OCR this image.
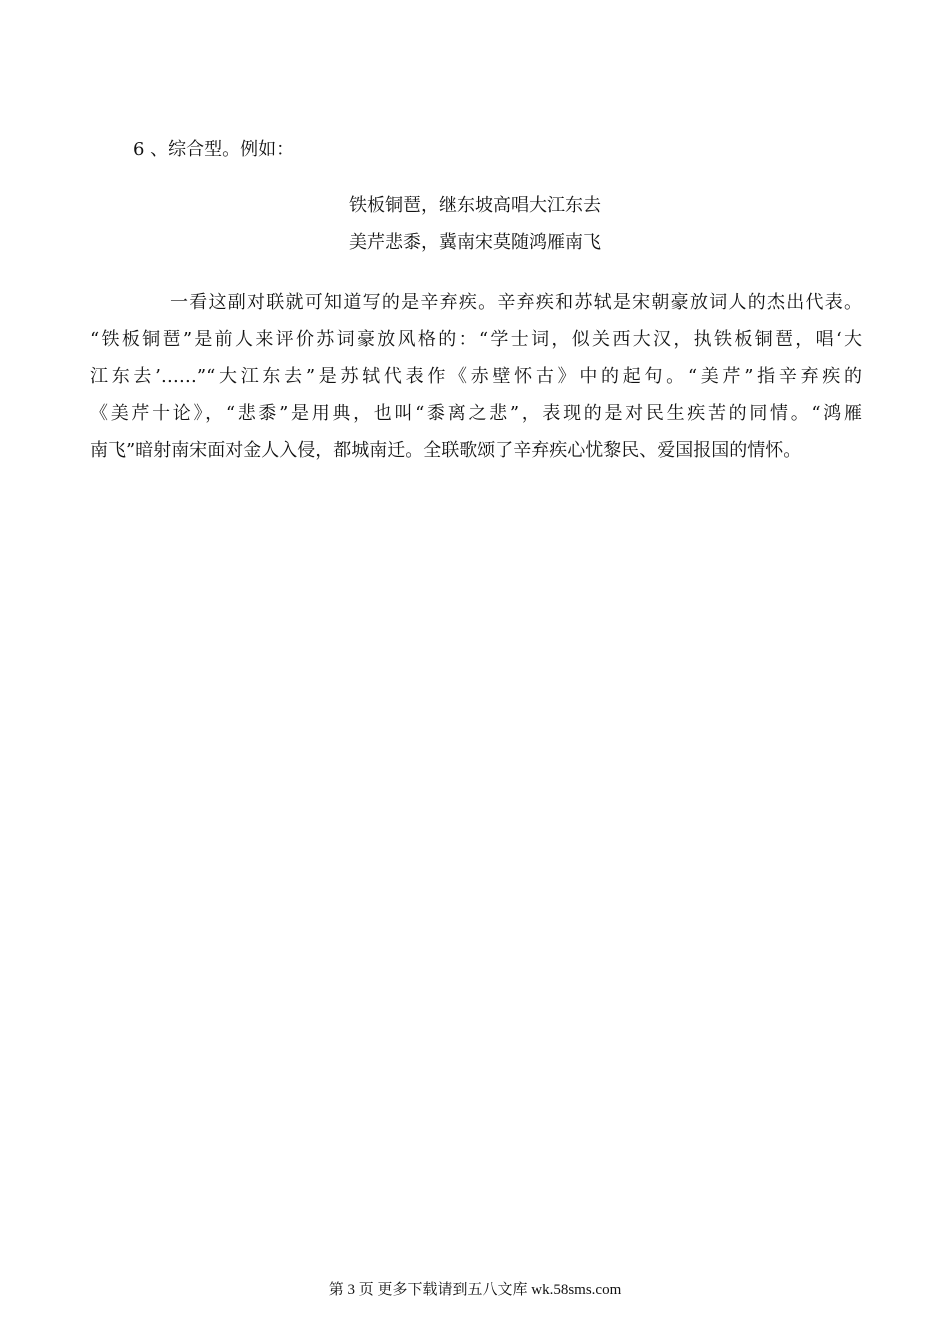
6 、综合型。例如：
铁板铜琶，继东坡高唱大江东去
美芹悲黍，冀南宋莫随鸿雁南飞
一看这副对联就可知道写的是辛弃疾。辛弃疾和苏轼是宋朝豪放词人的杰出代表。
“铁板铜琶”是前人来评价苏词豪放风格的：“学士词，似关西大汉，执铁板铜琶，唱‘大
江东去’……”“大江东去”是苏轼代表作《赤壁怀古》中的起句。“美芹”指辛弃疾的
《美芹十论》，“悲黍”是用典，也叫“黍离之悲”，表现的是对民生疾苦的同情。“鸿雁
南飞”暗射南宋面对金人入侵，都城南迁。全联歌颂了辛弃疾心忧黎民、爱国报国的情怀。
第 3 页 更多下载请到五八文库 wk.58sms.com
